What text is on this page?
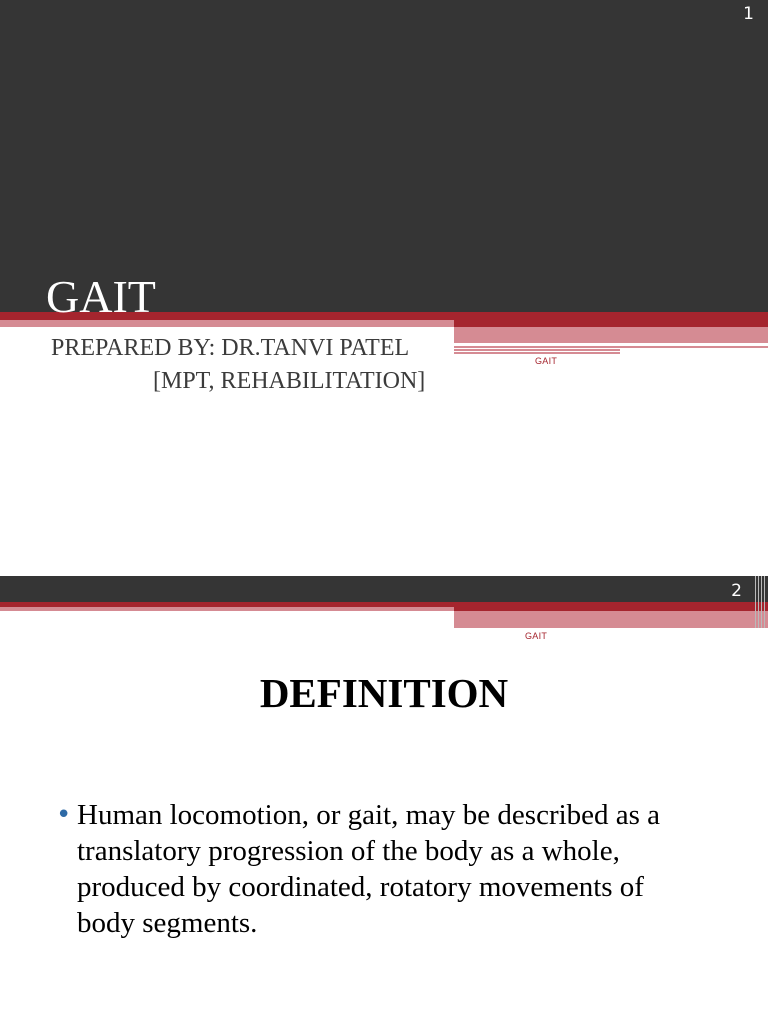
1
GAIT
PREPARED BY: DR.TANVI PATEL
[MPT, REHABILITATION]
GAIT
2
GAIT
DEFINITION
• Human locomotion, or gait, may be described as a translatory progression of the body as a whole, produced by coordinated, rotatory movements of body segments.
